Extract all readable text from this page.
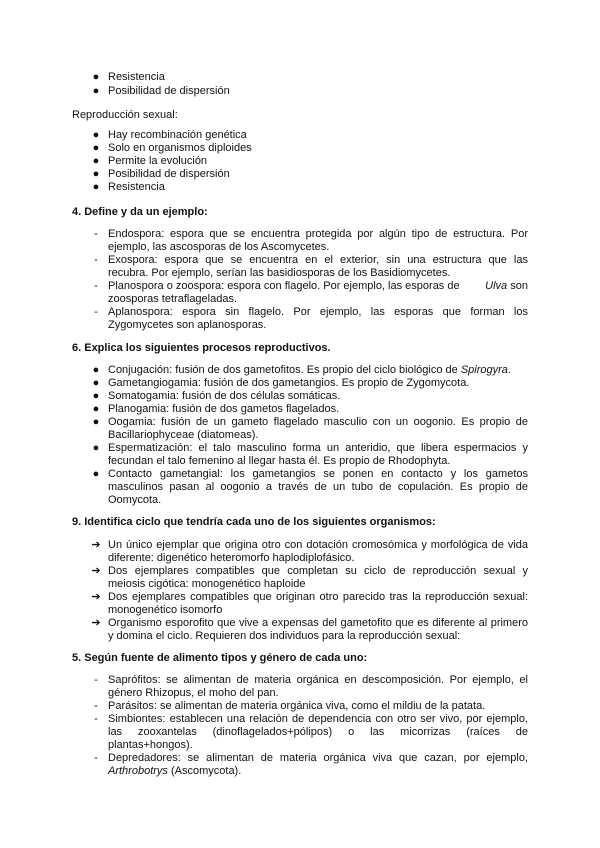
● Resistencia
● Posibilidad de dispersión
Reproducción sexual:
● Hay recombinación genética
● Solo en organismos diploides
● Permite la evolución
● Posibilidad de dispersión
● Resistencia
4. Define y da un ejemplo:
- Endospora: espora que se encuentra protegida por algún tipo de estructura. Por
ejemplo, las ascosporas de los Ascomycetes.
- Exospora: espora que se encuentra en el exterior, sin una estructura que las
recubra. Por ejemplo, serían las basidiosporas de los Basidiomycetes.
- Planospora o zoospora: espora con flagelo. Por ejemplo, las esporas de Ulva son
zoosporas tetraflageladas.
- Aplanospora: espora sin flagelo. Por ejemplo, las esporas que forman los
Zygomycetes son aplanosporas.
6. Explica los siguientes procesos reproductivos.
● Conjugación: fusión de dos gametofitos. Es propio del ciclo biológico de Spirogyra.
● Gametangiogamia: fusión de dos gametangios. Es propio de Zygomycota.
● Somatogamia: fusión de dos células somáticas.
● Planogamia: fusión de dos gametos flagelados.
● Oogamia: fusión de un gameto flagelado masculio con un oogonio. Es propio de
Bacillariophyceae (diatomeas).
● Espermatización: el talo masculino forma un anteridio, que libera espermacios y
fecundan el talo femenino al llegar hasta él. Es propio de Rhodophyta.
● Contacto gametangial: los gametangios se ponen en contacto y los gametos
masculinos pasan al oogonio a través de un tubo de copulación. Es propio de
Oomycota.
9. Identifica ciclo que tendría cada uno de los siguientes organismos:
➔ Un único ejemplar que origina otro con dotación cromosómica y morfológica de vida
diferente: digenético heteromorfo haplodiplofásico.
➔ Dos ejemplares compatibles que completan su ciclo de reproducción sexual y
meiosis cigótica: monogenético haploide
➔ Dos ejemplares compatibles que originan otro parecido tras la reproducción sexual:
monogenético isomorfo
➔ Organismo esporofito que vive a expensas del gametofito que es diferente al primero
y domina el ciclo. Requieren dos individuos para la reproducción sexual:
5. Según fuente de alimento tipos y género de cada uno:
- Saprófitos: se alimentan de materia orgánica en descomposición. Por ejemplo, el
género Rhizopus, el moho del pan.
- Parásitos: se alimentan de materia orgánica viva, como el mildiu de la patata.
- Simbiontes: establecen una relación de dependencia con otro ser vivo, por ejemplo,
las zooxantelas (dinoflagelados+pólipos) o las micorrizas (raíces de
plantas+hongos).
- Depredadores: se alimentan de materia orgánica viva que cazan, por ejemplo,
Arthrobotrys (Ascomycota).
